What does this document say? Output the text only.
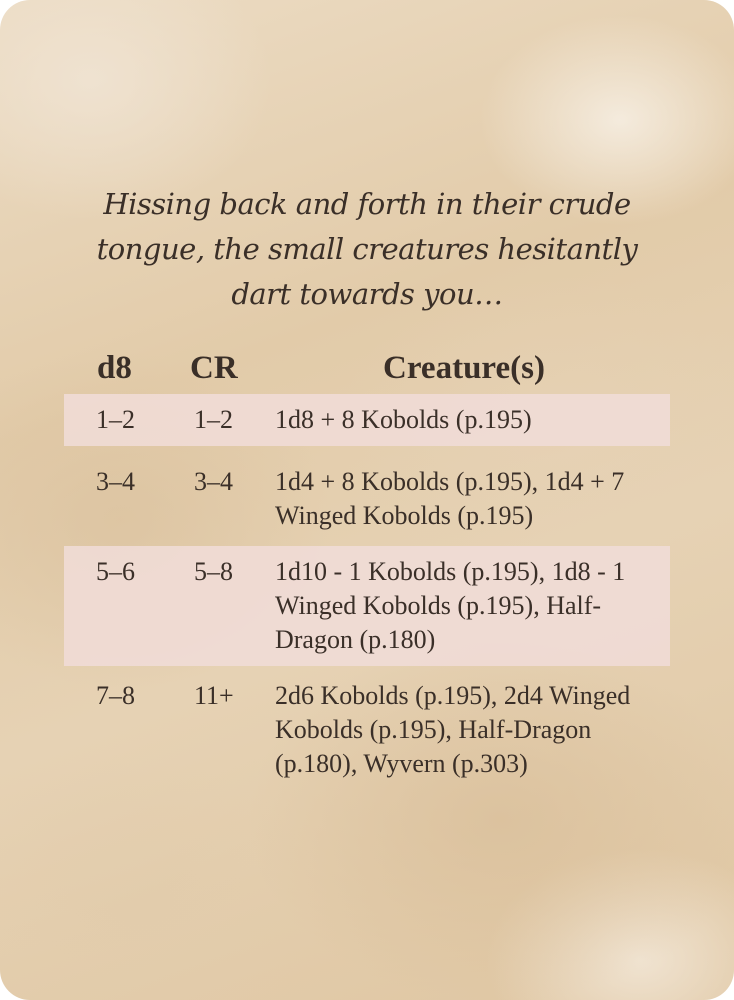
Hissing back and forth in their crude tongue, the small creatures hesitantly dart towards you…

d8 CR	Creature(s)
1–2 1–2 1d8 + 8 Kobolds (p.195)
3–4 3–4 1d4 + 8 Kobolds (p.195), 1d4 + 7 Winged Kobolds (p.195)
5–6 5–8 1d10 - 1 Kobolds (p.195), 1d8 - 1 Winged Kobolds (p.195), Half-Dragon (p.180)
7–8 11+ 2d6 Kobolds (p.195), 2d4 Winged Kobolds (p.195), Half-Dragon (p.180), Wyvern (p.303)
